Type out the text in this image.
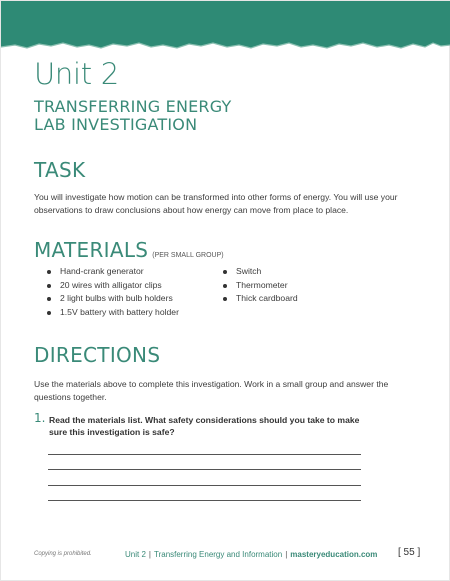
Unit 2
TRANSFERRING ENERGY
LAB INVESTIGATION
TASK
You will investigate how motion can be transformed into other forms of energy. You will use your observations to draw conclusions about how energy can move from place to place.
MATERIALS (PER SMALL GROUP)
Hand-crank generator
20 wires with alligator clips
2 light bulbs with bulb holders
1.5V battery with battery holder
Switch
Thermometer
Thick cardboard
DIRECTIONS
Use the materials above to complete this investigation. Work in a small group and answer the questions together.
1. Read the materials list. What safety considerations should you take to make sure this investigation is safe?
Copying is prohibited.	Unit 2 | Transferring Energy and Information | masteryeducation.com [ 55 ]
